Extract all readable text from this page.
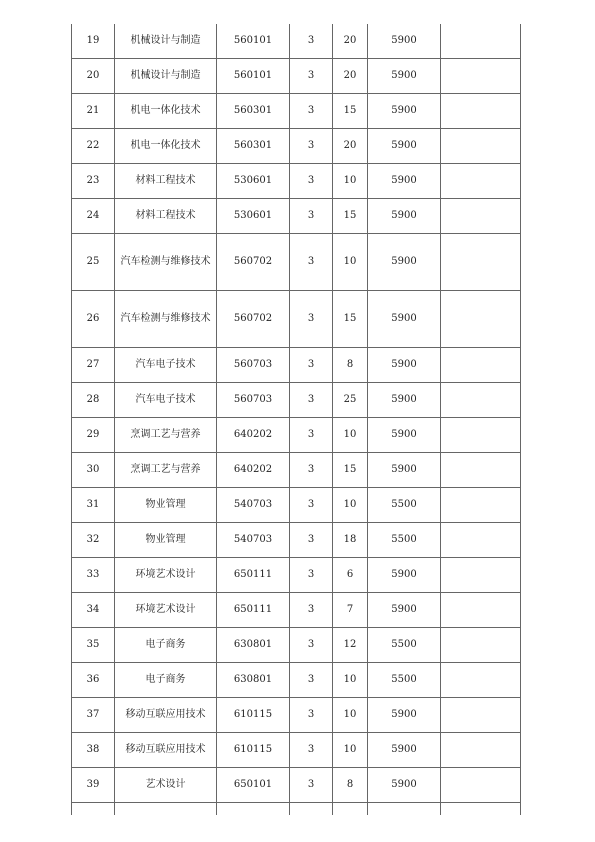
19	机械设计与制造	560101	3	20	5900	
20	机械设计与制造	560101	3	20	5900	
21	机电一体化技术	560301	3	15	5900	
22	机电一体化技术	560301	3	20	5900	
23	材料工程技术	530601	3	10	5900	
24	材料工程技术	530601	3	15	5900	
25	汽车检测与维修技术	560702	3	10	5900	
26	汽车检测与维修技术	560702	3	15	5900	
27	汽车电子技术	560703	3	8	5900	
28	汽车电子技术	560703	3	25	5900	
29	烹调工艺与营养	640202	3	10	5900	
30	烹调工艺与营养	640202	3	15	5900	
31	物业管理	540703	3	10	5500	
32	物业管理	540703	3	18	5500	
33	环境艺术设计	650111	3	6	5900	
34	环境艺术设计	650111	3	7	5900	
35	电子商务	630801	3	12	5500	
36	电子商务	630801	3	10	5500	
37	移动互联应用技术	610115	3	10	5900	
38	移动互联应用技术	610115	3	10	5900	
39	艺术设计	650101	3	8	5900	
